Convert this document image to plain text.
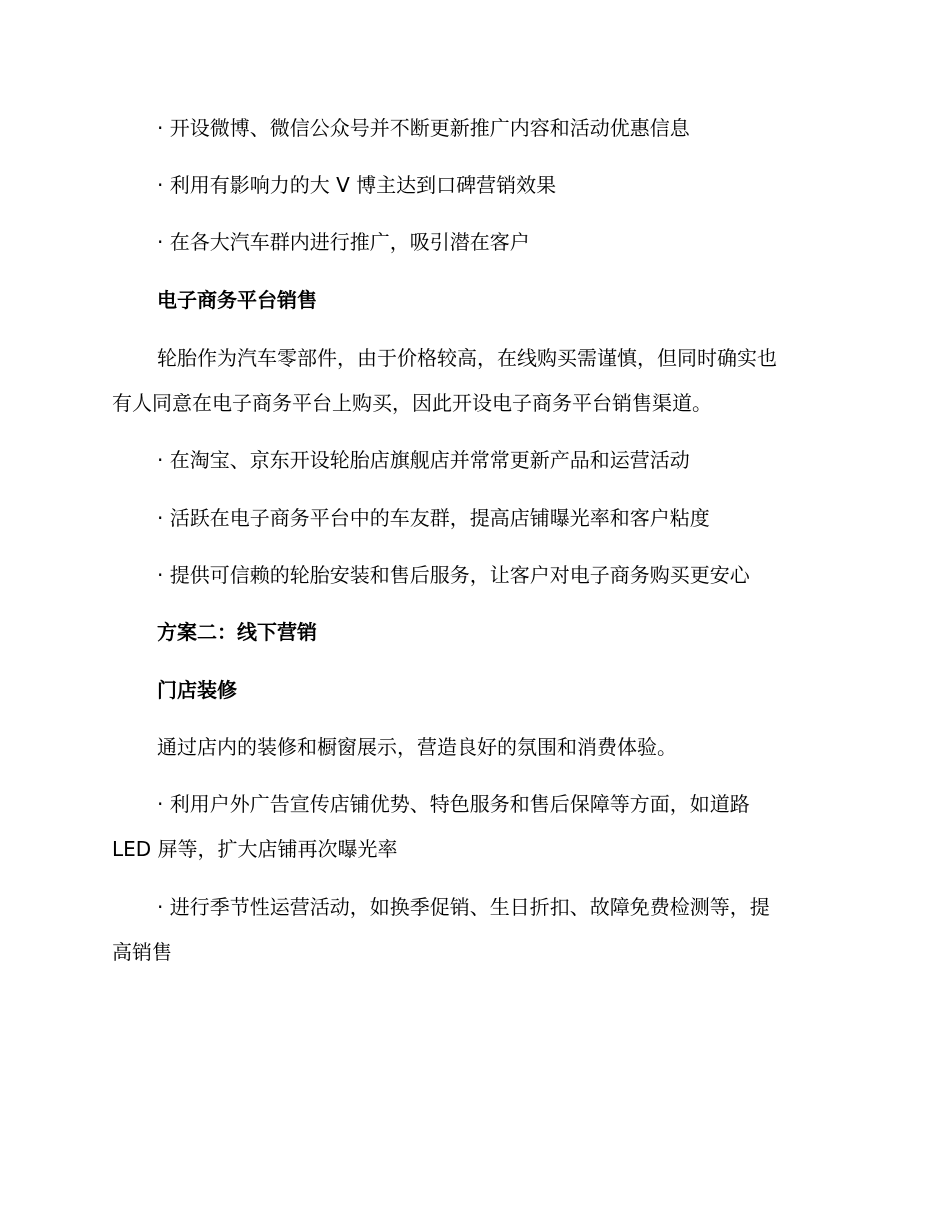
· 开设微博、微信公众号并不断更新推广内容和活动优惠信息

· 利用有影响力的大 V 博主达到口碑营销效果

· 在各大汽车群内进行推广，吸引潜在客户

电子商务平台销售

轮胎作为汽车零部件，由于价格较高，在线购买需谨慎，但同时确实也

有人同意在电子商务平台上购买，因此开设电子商务平台销售渠道。

· 在淘宝、京东开设轮胎店旗舰店并常常更新产品和运营活动

· 活跃在电子商务平台中的车友群，提高店铺曝光率和客户粘度

· 提供可信赖的轮胎安装和售后服务，让客户对电子商务购买更安心

方案二：线下营销

门店装修

通过店内的装修和橱窗展示，营造良好的氛围和消费体验。

· 利用户外广告宣传店铺优势、特色服务和售后保障等方面，如道路

LED 屏等，扩大店铺再次曝光率

· 进行季节性运营活动，如换季促销、生日折扣、故障免费检测等，提

高销售
